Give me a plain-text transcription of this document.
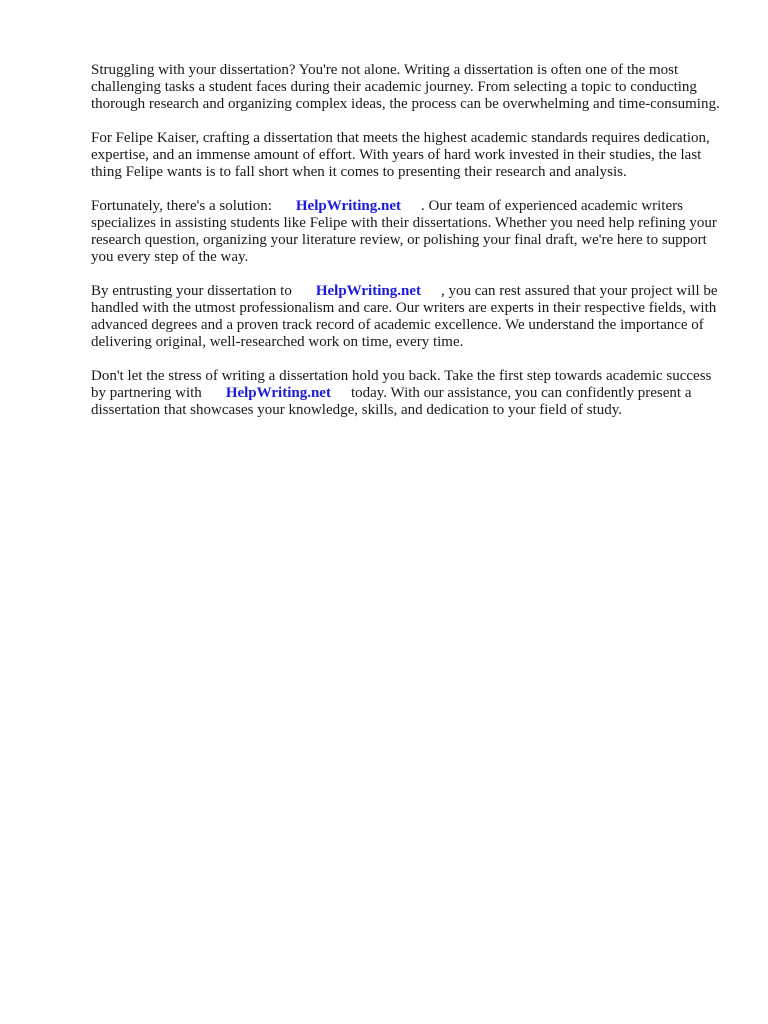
Struggling with your dissertation? You're not alone. Writing a dissertation is often one of the most challenging tasks a student faces during their academic journey. From selecting a topic to conducting thorough research and organizing complex ideas, the process can be overwhelming and time-consuming.

For Felipe Kaiser, crafting a dissertation that meets the highest academic standards requires dedication, expertise, and an immense amount of effort. With years of hard work invested in their studies, the last thing Felipe wants is to fall short when it comes to presenting their research and analysis.

Fortunately, there's a solution: HelpWriting.net . Our team of experienced academic writers specializes in assisting students like Felipe with their dissertations. Whether you need help refining your research question, organizing your literature review, or polishing your final draft, we're here to support you every step of the way.

By entrusting your dissertation to HelpWriting.net , you can rest assured that your project will be handled with the utmost professionalism and care. Our writers are experts in their respective fields, with advanced degrees and a proven track record of academic excellence. We understand the importance of delivering original, well-researched work on time, every time.

Don't let the stress of writing a dissertation hold you back. Take the first step towards academic success by partnering with HelpWriting.net today. With our assistance, you can confidently present a dissertation that showcases your knowledge, skills, and dedication to your field of study.
